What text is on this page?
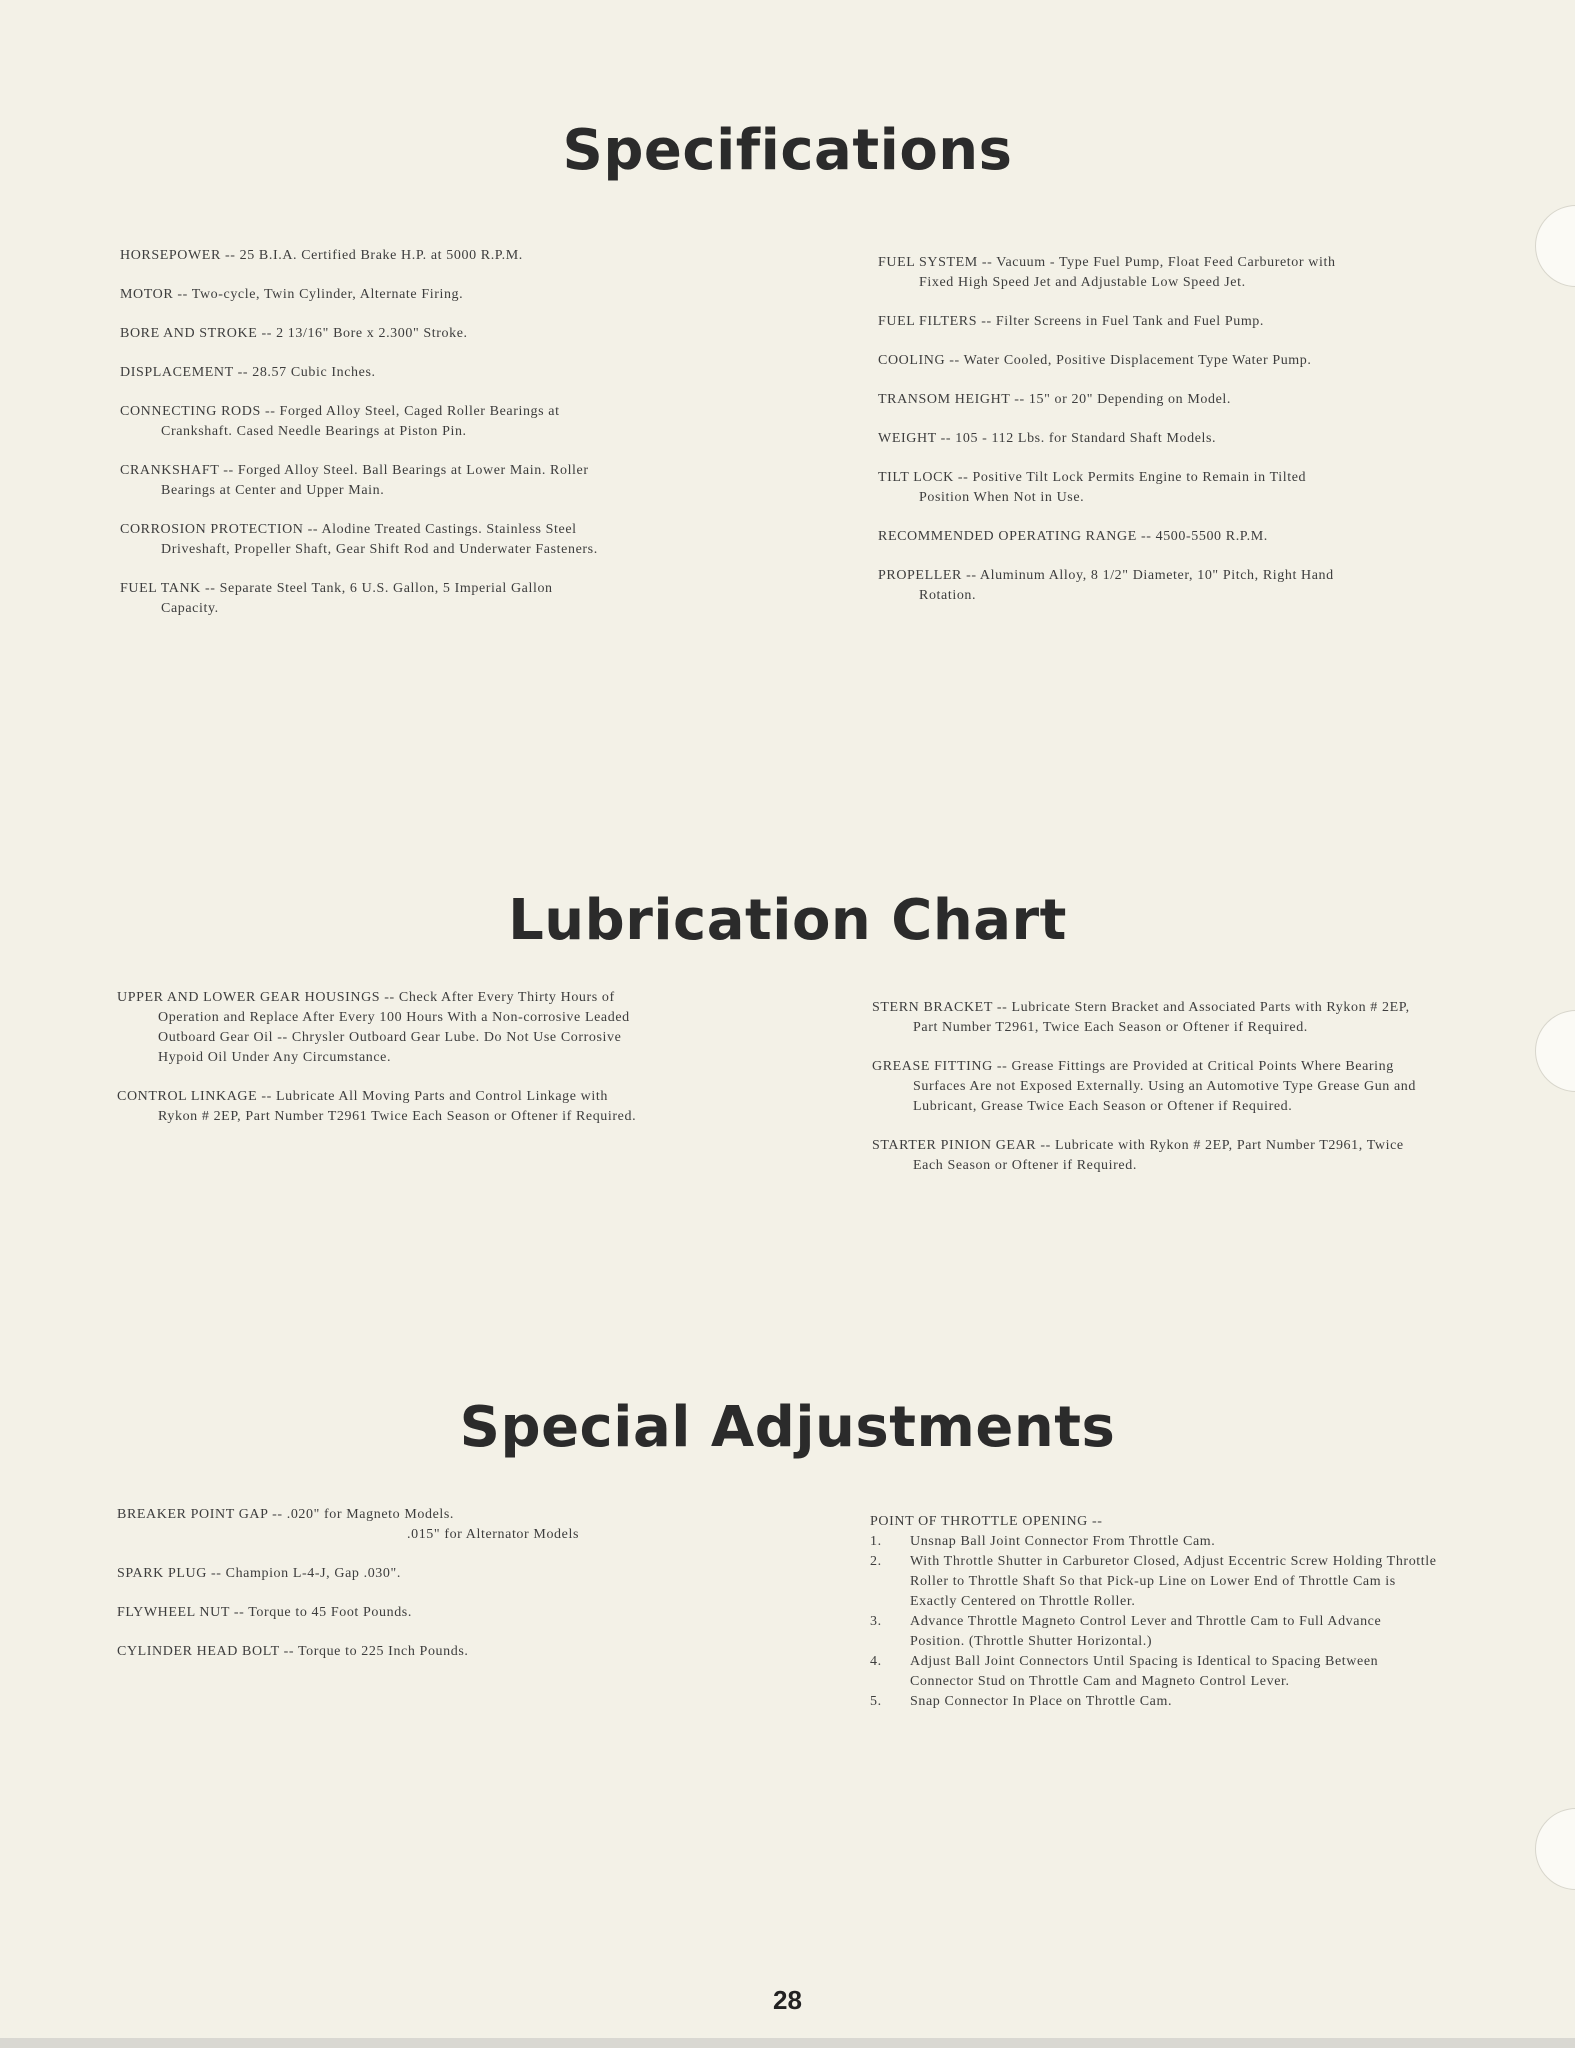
Specifications

HORSEPOWER -- 25 B.I.A. Certified Brake H.P. at 5000 R.P.M.

MOTOR -- Two-cycle, Twin Cylinder, Alternate Firing.

BORE AND STROKE -- 2 13/16" Bore x 2.300" Stroke.

DISPLACEMENT -- 28.57 Cubic Inches.

CONNECTING RODS -- Forged Alloy Steel, Caged Roller Bearings at Crankshaft. Cased Needle Bearings at Piston Pin.

CRANKSHAFT -- Forged Alloy Steel. Ball Bearings at Lower Main. Roller Bearings at Center and Upper Main.

CORROSION PROTECTION -- Alodine Treated Castings. Stainless Steel Driveshaft, Propeller Shaft, Gear Shift Rod and Underwater Fasteners.

FUEL TANK -- Separate Steel Tank, 6 U.S. Gallon, 5 Imperial Gallon Capacity.

FUEL SYSTEM -- Vacuum - Type Fuel Pump, Float Feed Carburetor with Fixed High Speed Jet and Adjustable Low Speed Jet.

FUEL FILTERS -- Filter Screens in Fuel Tank and Fuel Pump.

COOLING -- Water Cooled, Positive Displacement Type Water Pump.

TRANSOM HEIGHT -- 15" or 20" Depending on Model.

WEIGHT -- 105 - 112 Lbs. for Standard Shaft Models.

TILT LOCK -- Positive Tilt Lock Permits Engine to Remain in Tilted Position When Not in Use.

RECOMMENDED OPERATING RANGE -- 4500-5500 R.P.M.

PROPELLER -- Aluminum Alloy, 8 1/2" Diameter, 10" Pitch, Right Hand Rotation.

Lubrication Chart

UPPER AND LOWER GEAR HOUSINGS -- Check After Every Thirty Hours of Operation and Replace After Every 100 Hours With a Non-corrosive Leaded Outboard Gear Oil -- Chrysler Outboard Gear Lube. Do Not Use Corrosive Hypoid Oil Under Any Circumstance.

CONTROL LINKAGE -- Lubricate All Moving Parts and Control Linkage with Rykon # 2EP, Part Number T2961 Twice Each Season or Oftener if Required.

STERN BRACKET -- Lubricate Stern Bracket and Associated Parts with Rykon # 2EP, Part Number T2961, Twice Each Season or Oftener if Required.

GREASE FITTING -- Grease Fittings are Provided at Critical Points Where Bearing Surfaces Are not Exposed Externally. Using an Automotive Type Grease Gun and Lubricant, Grease Twice Each Season or Oftener if Required.

STARTER PINION GEAR -- Lubricate with Rykon # 2EP, Part Number T2961, Twice Each Season or Oftener if Required.

Special Adjustments
BREAKER POINT GAP -- .020" for Magneto Models.
.015" for Alternator Models

SPARK PLUG -- Champion L-4-J, Gap .030".

FLYWHEEL NUT -- Torque to 45 Foot Pounds.

CYLINDER HEAD BOLT -- Torque to 225 Inch Pounds.

POINT OF THROTTLE OPENING --
1.	Unsnap Ball Joint Connector From Throttle Cam.
2.	With Throttle Shutter in Carburetor Closed, Adjust Eccentric Screw Holding Throttle Roller to Throttle Shaft So that Pick-up Line on Lower End of Throttle Cam is Exactly Centered on Throttle Roller.
3.	Advance Throttle Magneto Control Lever and Throttle Cam to Full Advance Position. (Throttle Shutter Horizontal.)
4.	Adjust Ball Joint Connectors Until Spacing is Identical to Spacing Between Connector Stud on Throttle Cam and Magneto Control Lever.
5.	Snap Connector In Place on Throttle Cam.
28
